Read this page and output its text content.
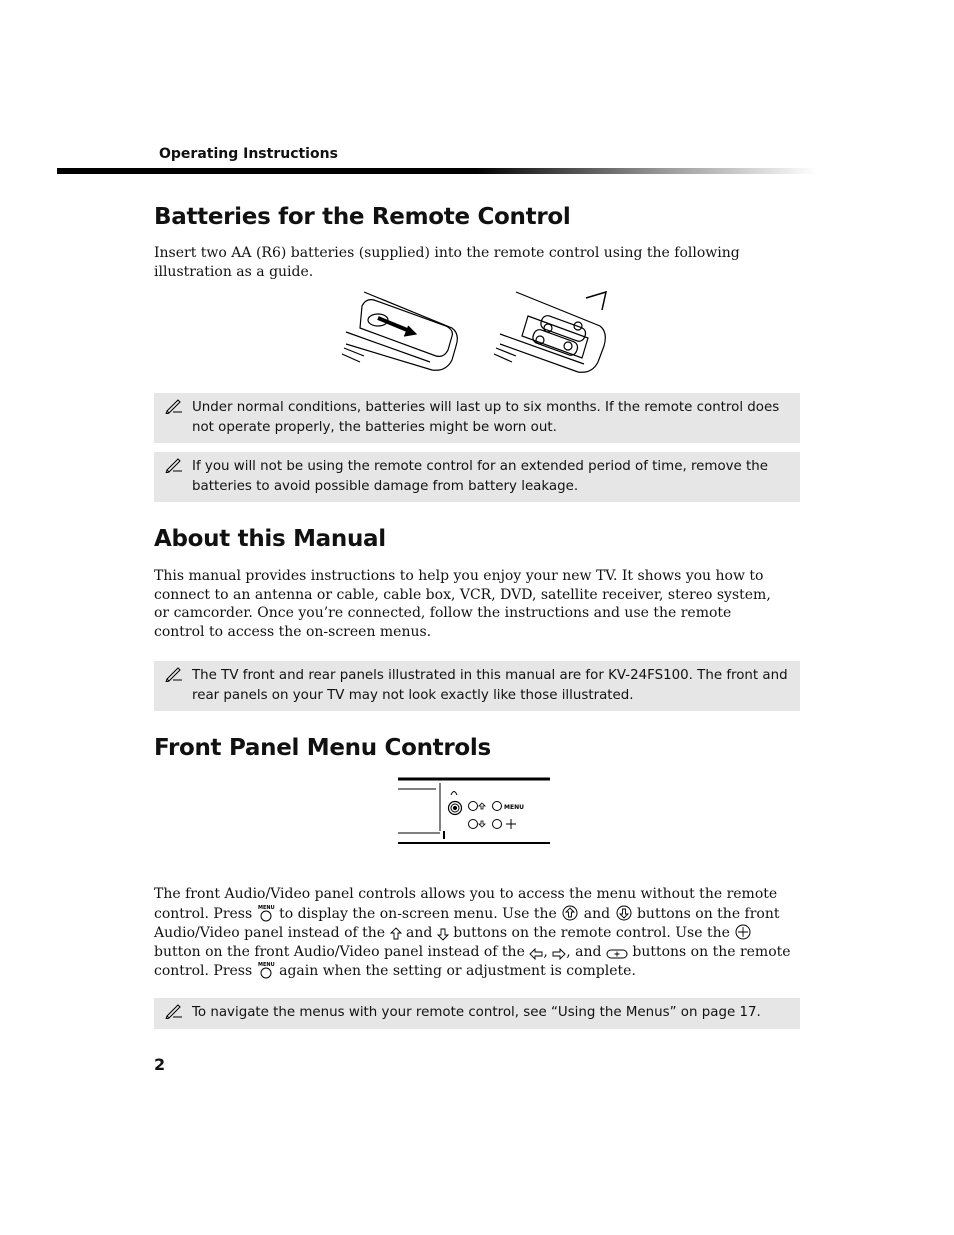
Operating Instructions
Batteries for the Remote Control

Insert two AA (R6) batteries (supplied) into the remote control using the following illustration as a guide.

Under normal conditions, batteries will last up to six months. If the remote control does not operate properly, the batteries might be worn out.
If you will not be using the remote control for an extended period of time, remove the batteries to avoid possible damage from battery leakage.
About this Manual

This manual provides instructions to help you enjoy your new TV. It shows you how to connect to an antenna or cable, cable box, VCR, DVD, satellite receiver, stereo system, or camcorder. Once you’re connected, follow the instructions and use the remote control to access the on-screen menus.

The TV front and rear panels illustrated in this manual are for KV-24FS100. The front and rear panels on your TV may not look exactly like those illustrated.
Front Panel Menu Controls
MENU

The front Audio/Video panel controls allows you to access the menu without the remote control. Press MENU to display the on-screen menu. Use the and buttons on the front Audio/Video panel instead of the and buttons on the remote control. Use the  button on the front Audio/Video panel instead of the , , and buttons on the remote control. Press MENU again when the setting or adjustment is complete.

To navigate the menus with your remote control, see “Using the Menus” on page 17.
2
